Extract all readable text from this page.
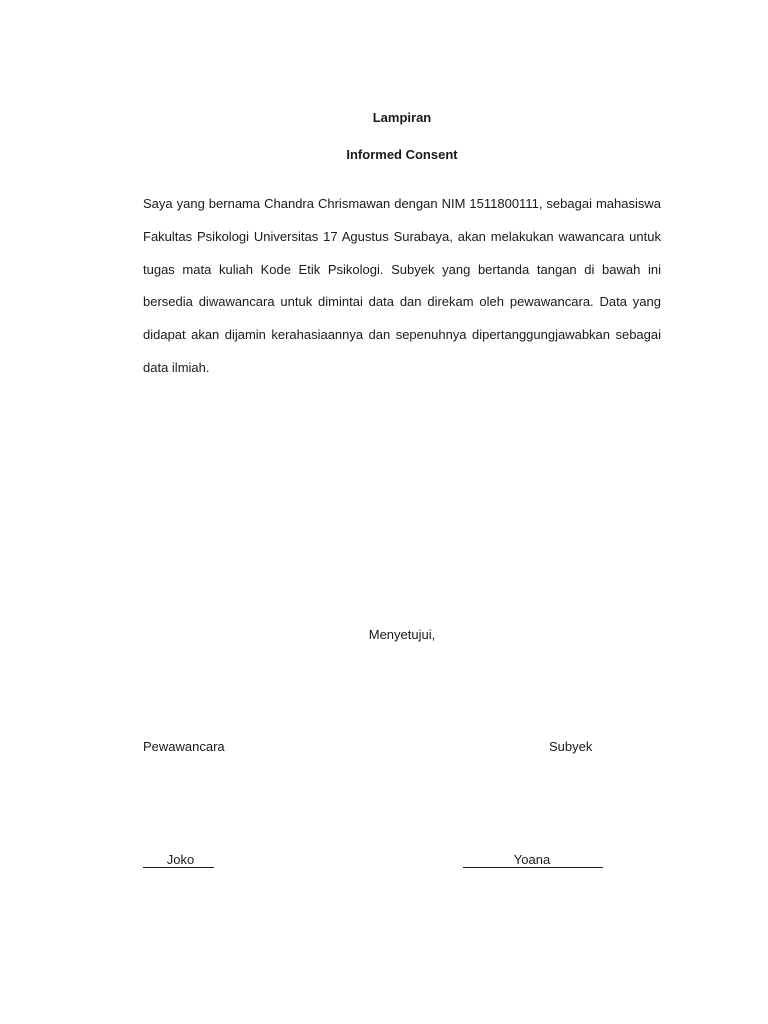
Lampiran

Informed Consent

Saya yang bernama Chandra Chrismawan dengan NIM 1511800111, sebagai mahasiswa Fakultas Psikologi Universitas 17 Agustus Surabaya, akan melakukan wawancara untuk tugas mata kuliah Kode Etik Psikologi. Subyek yang bertanda tangan di bawah ini bersedia diwawancara untuk dimintai data dan direkam oleh pewawancara. Data yang didapat akan dijamin kerahasiaannya dan sepenuhnya dipertanggungjawabkan sebagai data ilmiah.

Menyetujui,

Pewawancara	Subyek

Joko	Yoana
